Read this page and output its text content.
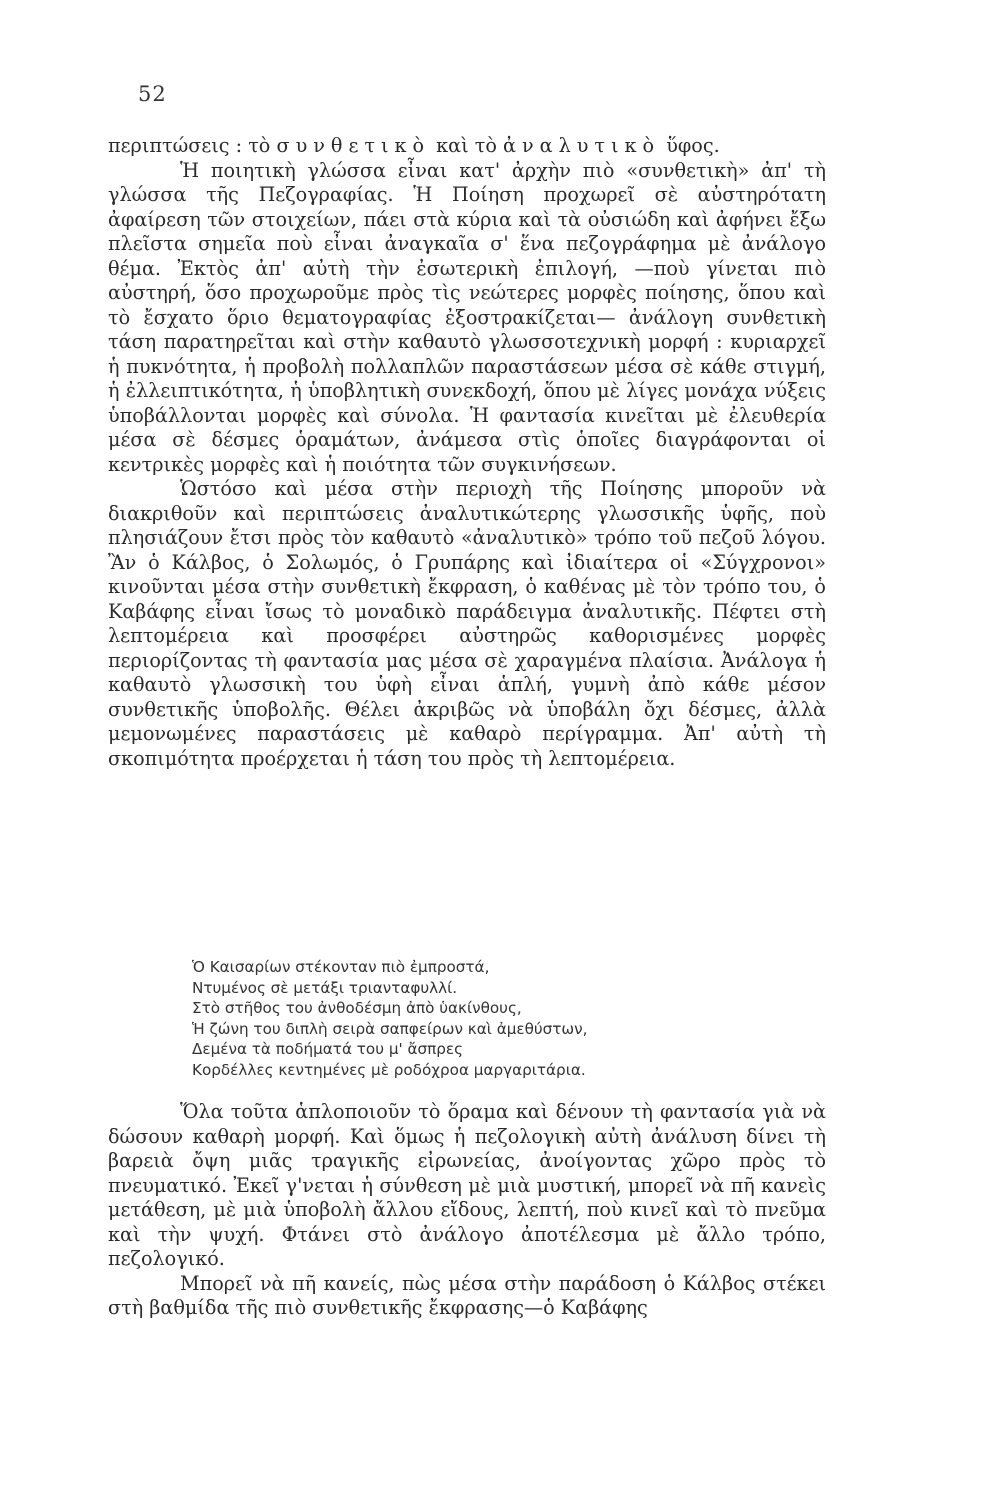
52

περιπτώσεις : τὸ συνθετικὸ καὶ τὸ ἀναλυτικὸ ὕφος.

Ἡ ποιητικὴ γλώσσα εἶναι κατ' ἀρχὴν πιὸ «συνθετικὴ» ἀπ' τὴ γλώσσα τῆς Πεζογραφίας. Ἡ Ποίηση προχωρεῖ σὲ αὐστηρότατη ἀφαίρεση τῶν στοιχείων, πάει στὰ κύρια καὶ τὰ οὐσιώδη καὶ ἀφήνει ἔξω πλεῖστα σημεῖα ποὺ εἶναι ἀναγκαῖα σ' ἕνα πεζογράφημα μὲ ἀνάλογο θέμα. Ἐκτὸς ἀπ' αὐτὴ τὴν ἐσωτερικὴ ἐπιλογή, —ποὺ γίνεται πιὸ αὐστηρή, ὅσο προχωροῦμε πρὸς τὶς νεώτερες μορφὲς ποίησης, ὅπου καὶ τὸ ἔσχατο ὅριο θεματογραφίας ἐξοστρακίζεται— ἀνάλογη συνθετικὴ τάση παρατηρεῖται καὶ στὴν καθαυτὸ γλωσσοτεχνικὴ μορφή : κυριαρχεῖ ἡ πυκνότητα, ἡ προβολὴ πολλαπλῶν παραστάσεων μέσα σὲ κάθε στιγμή, ἡ ἐλλειπτικότητα, ἡ ὑποβλητικὴ συνεκδοχή, ὅπου μὲ λίγες μονάχα νύξεις ὑποβάλλονται μορφὲς καὶ σύνολα. Ἡ φαντασία κινεῖται μὲ ἐλευθερία μέσα σὲ δέσμες ὁραμάτων, ἀνάμεσα στὶς ὁποῖες διαγράφονται οἱ κεντρικὲς μορφὲς καὶ ἡ ποιότητα τῶν συγκινήσεων.

Ὡστόσο καὶ μέσα στὴν περιοχὴ τῆς Ποίησης μποροῦν νὰ διακριθοῦν καὶ περιπτώσεις ἀναλυτικώτερης γλωσσικῆς ὑφῆς, ποὺ πλησιάζουν ἔτσι πρὸς τὸν καθαυτὸ «ἀναλυτικὸ» τρόπο τοῦ πεζοῦ λόγου. Ἂν ὁ Κάλβος, ὁ Σολωμός, ὁ Γρυπάρης καὶ ἰδιαίτερα οἱ «Σύγχρονοι» κινοῦνται μέσα στὴν συνθετικὴ ἔκφραση, ὁ καθένας μὲ τὸν τρόπο του, ὁ Καβάφης εἶναι ἴσως τὸ μοναδικὸ παράδειγμα ἀναλυτικῆς. Πέφτει στὴ λεπτομέρεια καὶ προσφέρει αὐστηρῶς καθορισμένες μορφὲς περιορίζοντας τὴ φαντασία μας μέσα σὲ χαραγμένα πλαίσια. Ἀνάλογα ἡ καθαυτὸ γλωσσικὴ του ὑφὴ εἶναι ἁπλή, γυμνὴ ἀπὸ κάθε μέσον συνθετικῆς ὑποβολῆς. Θέλει ἀκριβῶς νὰ ὑποβάλη ὄχι δέσμες, ἀλλὰ μεμονωμένες παραστάσεις μὲ καθαρὸ περίγραμμα. Ἀπ' αὐτὴ τὴ σκοπιμότητα προέρχεται ἡ τάση του πρὸς τὴ λεπτομέρεια.

Ὁ Καισαρίων στέκονταν πιὸ ἐμπροστά,
Ντυμένος σὲ μετάξι τριανταφυλλί.
Στὸ στῆθος του ἀνθοδέσμη ἀπὸ ὑακίνθους,
Ἡ ζώνη του διπλὴ σειρὰ σαπφείρων καὶ ἀμεθύστων,
Δεμένα τὰ ποδήματά του μ' ἄσπρες
Κορδέλλες κεντημένες μὲ ροδόχροα μαργαριτάρια.

Ὅλα τοῦτα ἁπλοποιοῦν τὸ ὅραμα καὶ δένουν τὴ φαντασία γιὰ νὰ δώσουν καθαρὴ μορφή. Καὶ ὅμως ἡ πεζολογικὴ αὐτὴ ἀνάλυση δίνει τὴ βαρειὰ ὄψη μιᾶς τραγικῆς εἰρωνείας, ἀνοίγοντας χῶρο πρὸς τὸ πνευματικό. Ἐκεῖ γ'νεται ἡ σύνθεση μὲ μιὰ μυστική, μπορεῖ νὰ πῆ κανεὶς μετάθεση, μὲ μιὰ ὑποβολὴ ἄλλου εἴδους, λεπτή, ποὺ κινεῖ καὶ τὸ πνεῦμα καὶ τὴν ψυχή. Φτάνει στὸ ἀνάλογο ἀποτέλεσμα μὲ ἄλλο τρόπο, πεζολογικό.

Μπορεῖ νὰ πῆ κανείς, πὼς μέσα στὴν παράδοση ὁ Κάλβος στέκει στὴ βαθμίδα τῆς πιὸ συνθετικῆς ἔκφρασης—ὁ Καβάφης
